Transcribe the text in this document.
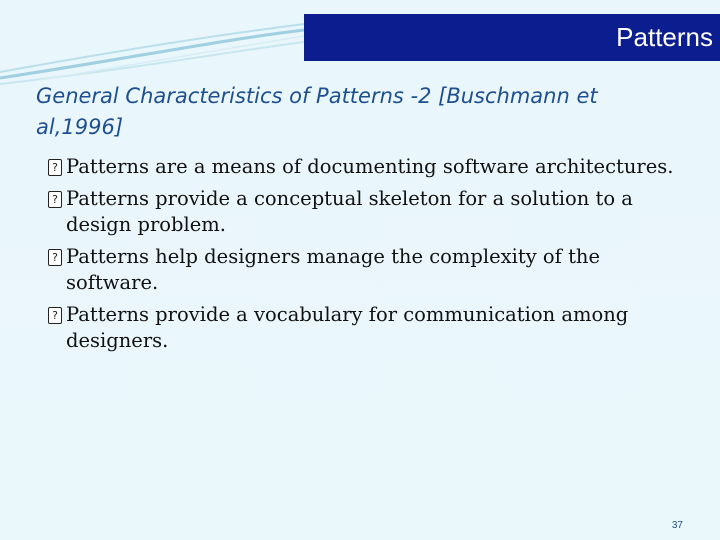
Patterns
General Characteristics of Patterns -2 [Buschmann et al,1996]
? Patterns are a means of documenting software architectures.
? Patterns provide a conceptual skeleton for a solution to a design problem.
? Patterns help designers manage the complexity of the software.
? Patterns provide a vocabulary for communication among designers.
37
